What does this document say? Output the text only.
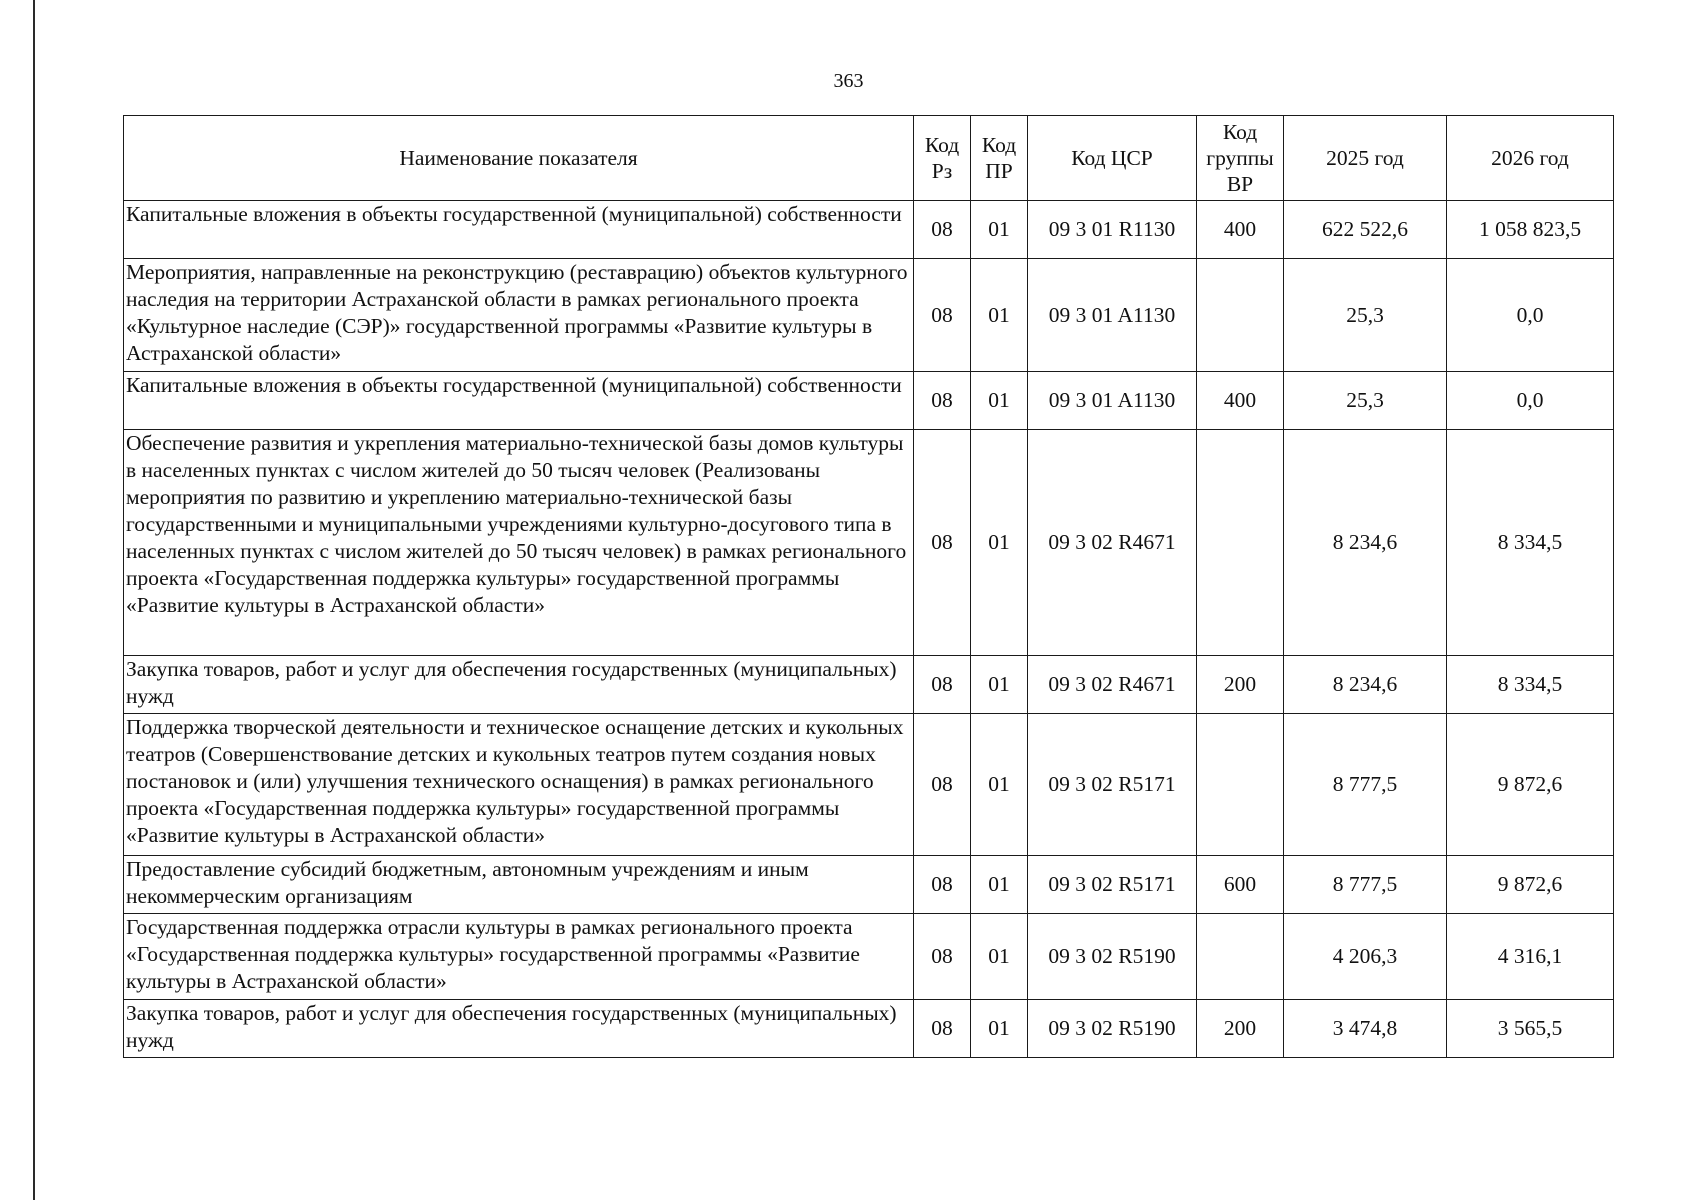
363
Наименование показателя	Код Рз	Код ПР	Код ЦСР	Код группы ВР	2025 год	2026 год
Капитальные вложения в объекты государственной (муниципальной) собственности	08	01	09 3 01 R1130	400	622 522,6	1 058 823,5
Мероприятия, направленные на реконструкцию (реставрацию) объектов культурного наследия на территории Астраханской области в рамках регионального проекта «Культурное наследие (СЭР)» государственной программы «Развитие культуры в Астраханской области»	08	01	09 3 01 A1130		25,3	0,0
Капитальные вложения в объекты государственной (муниципальной) собственности	08	01	09 3 01 A1130	400	25,3	0,0
Обеспечение развития и укрепления материально-технической базы домов культуры в населенных пунктах с числом жителей до 50 тысяч человек (Реализованы мероприятия по развитию и укреплению материально-технической базы государственными и муниципальными учреждениями культурно-досугового типа в населенных пунктах с числом жителей до 50 тысяч человек) в рамках регионального проекта «Государственная поддержка культуры» государственной программы «Развитие культуры в Астраханской области»	08	01	09 3 02 R4671		8 234,6	8 334,5
Закупка товаров, работ и услуг для обеспечения государственных (муниципальных) нужд	08	01	09 3 02 R4671	200	8 234,6	8 334,5
Поддержка творческой деятельности и техническое оснащение детских и кукольных театров (Совершенствование детских и кукольных театров путем создания новых постановок и (или) улучшения технического оснащения) в рамках регионального проекта «Государственная поддержка культуры» государственной программы «Развитие культуры в Астраханской области»	08	01	09 3 02 R5171		8 777,5	9 872,6
Предоставление субсидий бюджетным, автономным учреждениям и иным некоммерческим организациям	08	01	09 3 02 R5171	600	8 777,5	9 872,6
Государственная поддержка отрасли культуры в рамках регионального проекта «Государственная поддержка культуры» государственной программы «Развитие культуры в Астраханской области»	08	01	09 3 02 R5190		4 206,3	4 316,1
Закупка товаров, работ и услуг для обеспечения государственных (муниципальных) нужд	08	01	09 3 02 R5190	200	3 474,8	3 565,5
